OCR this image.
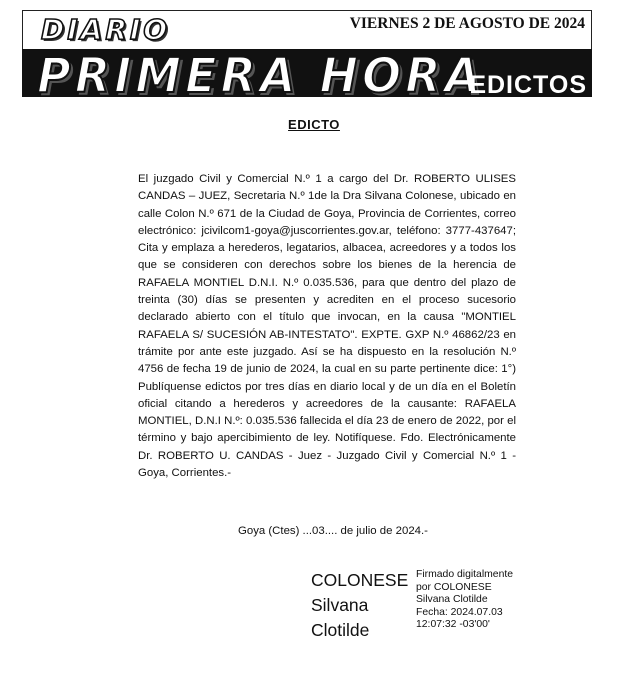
DIARIO	VIERNES 2 DE AGOSTO DE 2024
PRIMERA HORA
EDICTOS
EDICTO

El juzgado Civil y Comercial N.º 1 a cargo del Dr. ROBERTO ULISES CANDAS – JUEZ, Secretaria N.º 1de la Dra Silvana Colonese, ubicado en calle Colon N.º 671 de la Ciudad de Goya, Provincia de Corrientes, correo electrónico: jcivilcom1-goya@juscorrientes.gov.ar, teléfono: 3777-437647; Cita y emplaza a herederos, legatarios, albacea, acreedores y a todos los que se consideren con derechos sobre los bienes de la herencia de RAFAELA MONTIEL D.N.I. N.º 0.035.536, para que dentro del plazo de treinta (30) días se presenten y acrediten en el proceso sucesorio declarado abierto con el título que invocan, en la causa "MONTIEL RAFAELA S/ SUCESIÓN AB-INTESTATO". EXPTE. GXP N.º 46862/23 en trámite por ante este juzgado. Así se ha dispuesto en la resolución N.º 4756 de fecha 19 de junio de 2024, la cual en su parte pertinente dice: 1°) Publíquense edictos por tres días en diario local y de un día en el Boletín oficial citando a herederos y acreedores de la causante: RAFAELA MONTIEL, D.N.I N.º: 0.035.536 fallecida el día 23 de enero de 2022, por el término y bajo apercibimiento de ley. Notifíquese. Fdo. Electrónicamente Dr. ROBERTO U. CANDAS - Juez - Juzgado Civil y Comercial N.º 1 - Goya, Corrientes.-

Goya (Ctes) ...03.... de julio de 2024.-
COLONESE
Silvana
Clotilde
Firmado digitalmente
por COLONESE
Silvana Clotilde
Fecha: 2024.07.03
12:07:32 -03'00'
